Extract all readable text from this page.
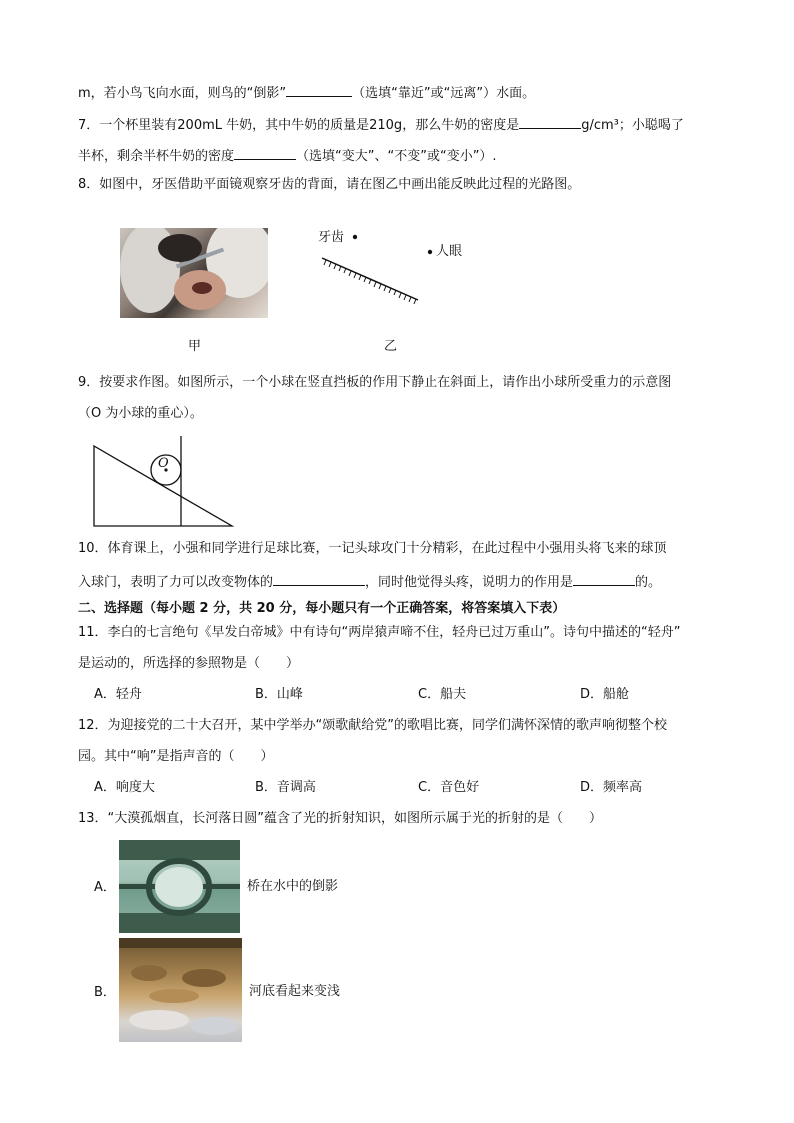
m，若小鸟飞向水面，则鸟的“倒影”	（选填“靠近”或“远离”）水面。
7．一个杯里装有200mL 牛奶，其中牛奶的质量是210g，那么牛奶的密度是	g/cm³；小聪喝了
半杯，剩余半杯牛奶的密度	（选填“变大”、“不变”或“变小”）.
8．如图中，牙医借助平面镜观察牙齿的背面，请在图乙中画出能反映此过程的光路图。
甲
牙齿
人眼
乙
9．按要求作图。如图所示，一个小球在竖直挡板的作用下静止在斜面上，请作出小球所受重力的示意图
（O 为小球的重心）。
O
10．体育课上，小强和同学进行足球比赛，一记头球攻门十分精彩，在此过程中小强用头将飞来的球顶
入球门，表明了力可以改变物体的	，同时他觉得头疼，说明力的作用是	的。
二、选择题（每小题 2 分，共 20 分，每小题只有一个正确答案，将答案填入下表）
11．李白的七言绝句《早发白帝城》中有诗句“两岸猿声啼不住，轻舟已过万重山”。诗句中描述的“轻舟”
是运动的，所选择的参照物是（　　）
A．轻舟	B．山峰	C．船夫	D．船舱
12．为迎接党的二十大召开，某中学举办“颂歌献给党”的歌唱比赛，同学们满怀深情的歌声响彻整个校
园。其中“响”是指声音的（　　）
A．响度大	B．音调高	C．音色好	D．频率高
13．“大漠孤烟直，长河落日圆”蕴含了光的折射知识，如图所示属于光的折射的是（　　）
A．	桥在水中的倒影
B．	河底看起来变浅
